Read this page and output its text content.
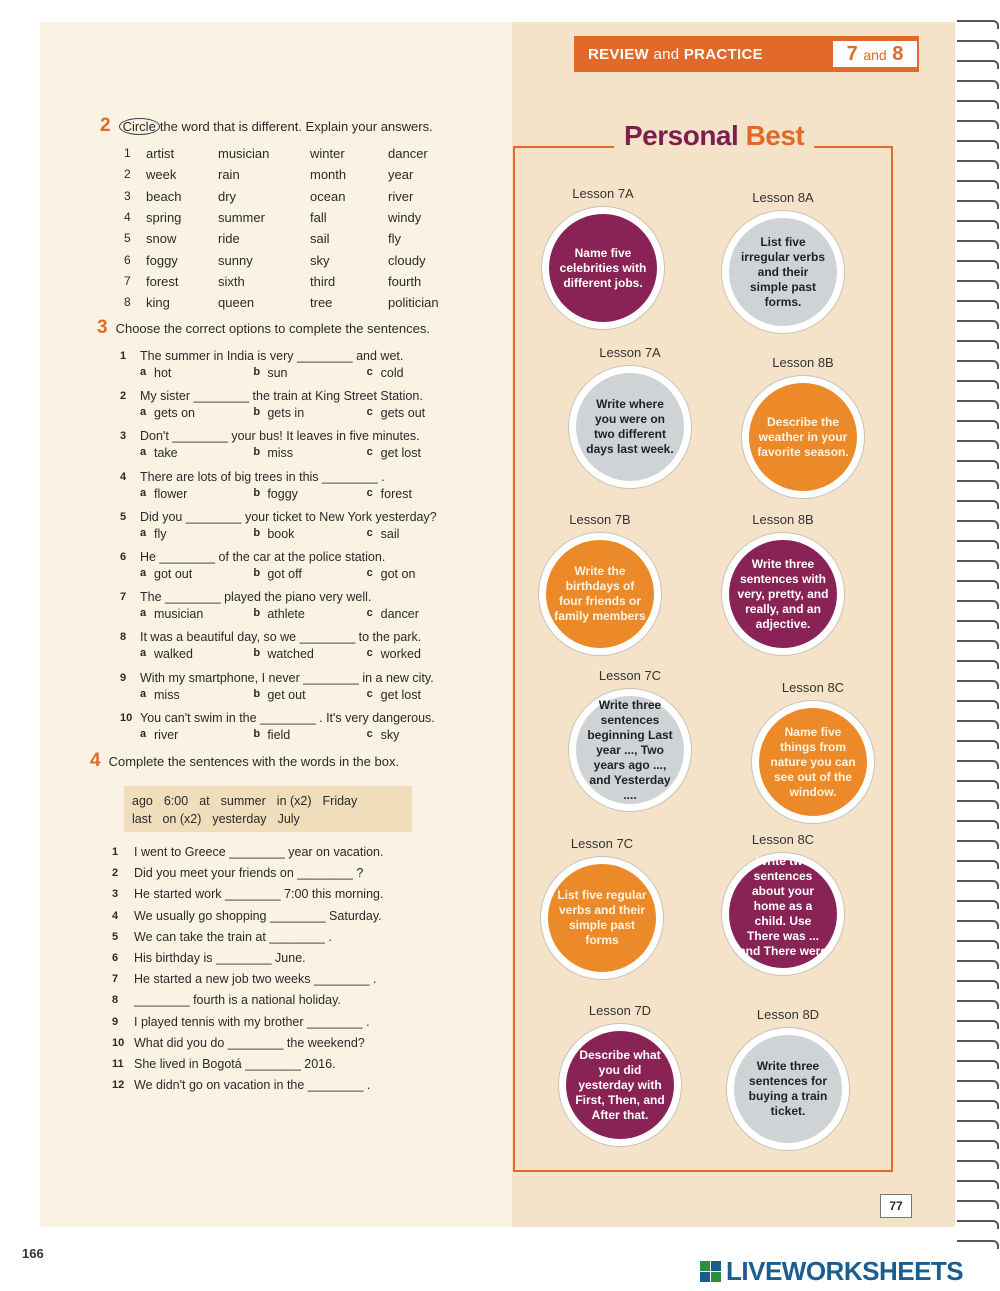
REVIEW and PRACTICE	7 and 8
2 Circle the word that is different. Explain your answers.
1	artist	musician	winter	dancer
2	week	rain	month	year
3	beach	dry	ocean	river
4	spring	summer	fall	windy
5	snow	ride	sail	fly
6	foggy	sunny	sky	cloudy
7	forest	sixth	third	fourth
8	king	queen	tree	politician
3 Choose the correct options to complete the sentences.
1	The summer in India is very ________ and wet.
a hot	b sun	c cold
2	My sister ________ the train at King Street Station.
a gets on	b gets in	c gets out
3	Don't ________ your bus! It leaves in five minutes.
a take	b miss	c get lost
4	There are lots of big trees in this ________ .
a flower	b foggy	c forest
5	Did you ________ your ticket to New York yesterday?
a fly	b book	c sail
6	He ________ of the car at the police station.
a got out	b got off	c got on
7	The ________ played the piano very well.
a musician	b athlete	c dancer
8	It was a beautiful day, so we ________ to the park.
a walked	b watched	c worked
9	With my smartphone, I never ________ in a new city.
a miss	b get out	c get lost
10 You can't swim in the ________ . It's very dangerous.
a river	b field	c sky
4 Complete the sentences with the words in the box.
ago 6:00 at summer in (x2) Friday
last on (x2) yesterday July
1	I went to Greece ________ year on vacation.
2	Did you meet your friends on ________ ?
3	He started work ________ 7:00 this morning.
4	We usually go shopping ________ Saturday.
5	We can take the train at ________ .
6	His birthday is ________ June.
7	He started a new job two weeks ________ .
8	________ fourth is a national holiday.
9	I played tennis with my brother ________ .
10 What did you do ________ the weekend?
11 She lived in Bogotá ________ 2016.
12 We didn't go on vacation in the ________ .
166
Personal Best
Lesson 7A
Name five celebrities with different jobs.
Lesson 8A
List five irregular verbs and their simple past forms.
Lesson 7A
Write where you were on two different days last week.
Lesson 8B
Describe the weather in your favorite season.
Lesson 7B
Write the birthdays of four friends or family members
Lesson 8B
Write three sentences with very, pretty, and really, and an adjective.
Lesson 7C
Write three sentences beginning Last year ..., Two years ago ..., and Yesterday ....
Lesson 8C
Name five things from nature you can see out of the window.
Lesson 7C
List five regular verbs and their simple past forms
Lesson 8C
Write two sentences about your home as a child. Use There was ... and There were ....
Lesson 7D
Describe what you did yesterday with First, Then, and After that.
Lesson 8D
Write three sentences for buying a train ticket.
77
LIVEWORKSHEETS
